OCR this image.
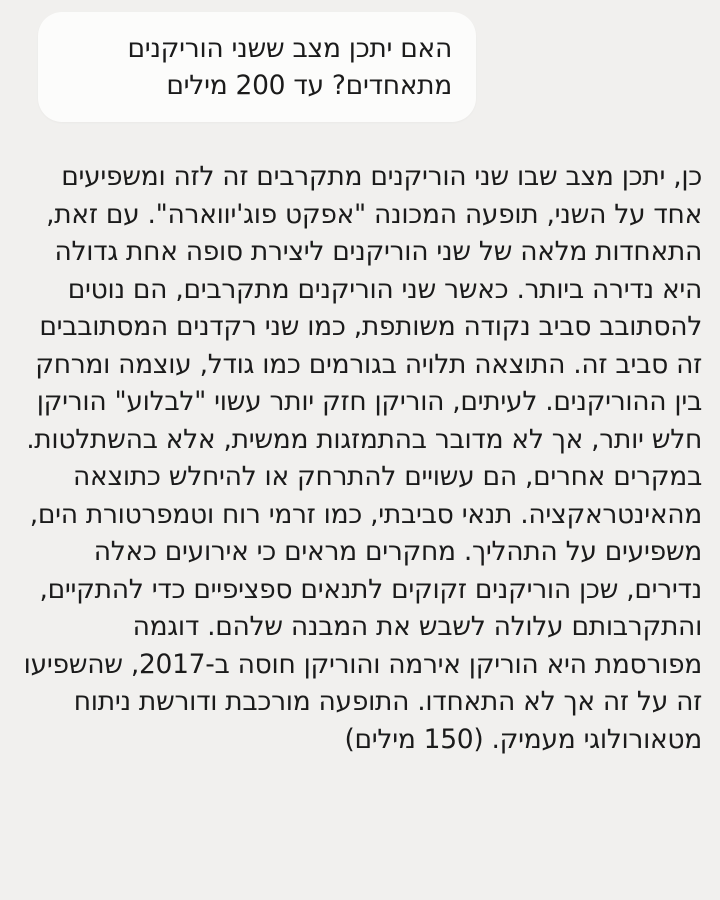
האם יתכן מצב ששני הוריקנים מתאחדים? עד 200 מילים
כן, יתכן מצב שבו שני הוריקנים מתקרבים זה לזה ומשפיעים אחד על השני, תופעה המכונה "אפקט פוג'יווארה". עם זאת, התאחדות מלאה של שני הוריקנים ליצירת סופה אחת גדולה היא נדירה ביותר. כאשר שני הוריקנים מתקרבים, הם נוטים להסתובב סביב נקודה משותפת, כמו שני רקדנים המסתובבים זה סביב זה. התוצאה תלויה בגורמים כמו גודל, עוצמה ומרחק בין ההוריקנים. לעיתים, הוריקן חזק יותר עשוי "לבלוע" הוריקן חלש יותר, אך לא מדובר בהתמזגות ממשית, אלא בהשתלטות. במקרים אחרים, הם עשויים להתרחק או להיחלש כתוצאה מהאינטראקציה. תנאי סביבתי, כמו זרמי רוח וטמפרטורת הים, משפיעים על התהליך. מחקרים מראים כי אירועים כאלה נדירים, שכן הוריקנים זקוקים לתנאים ספציפיים כדי להתקיים, והתקרבותם עלולה לשבש את המבנה שלהם. דוגמה מפורסמת היא הוריקן אירמה והוריקן חוסה ב-2017, שהשפיעו זה על זה אך לא התאחדו. התופעה מורכבת ודורשת ניתוח מטאורולוגי מעמיק. (150 מילים)
